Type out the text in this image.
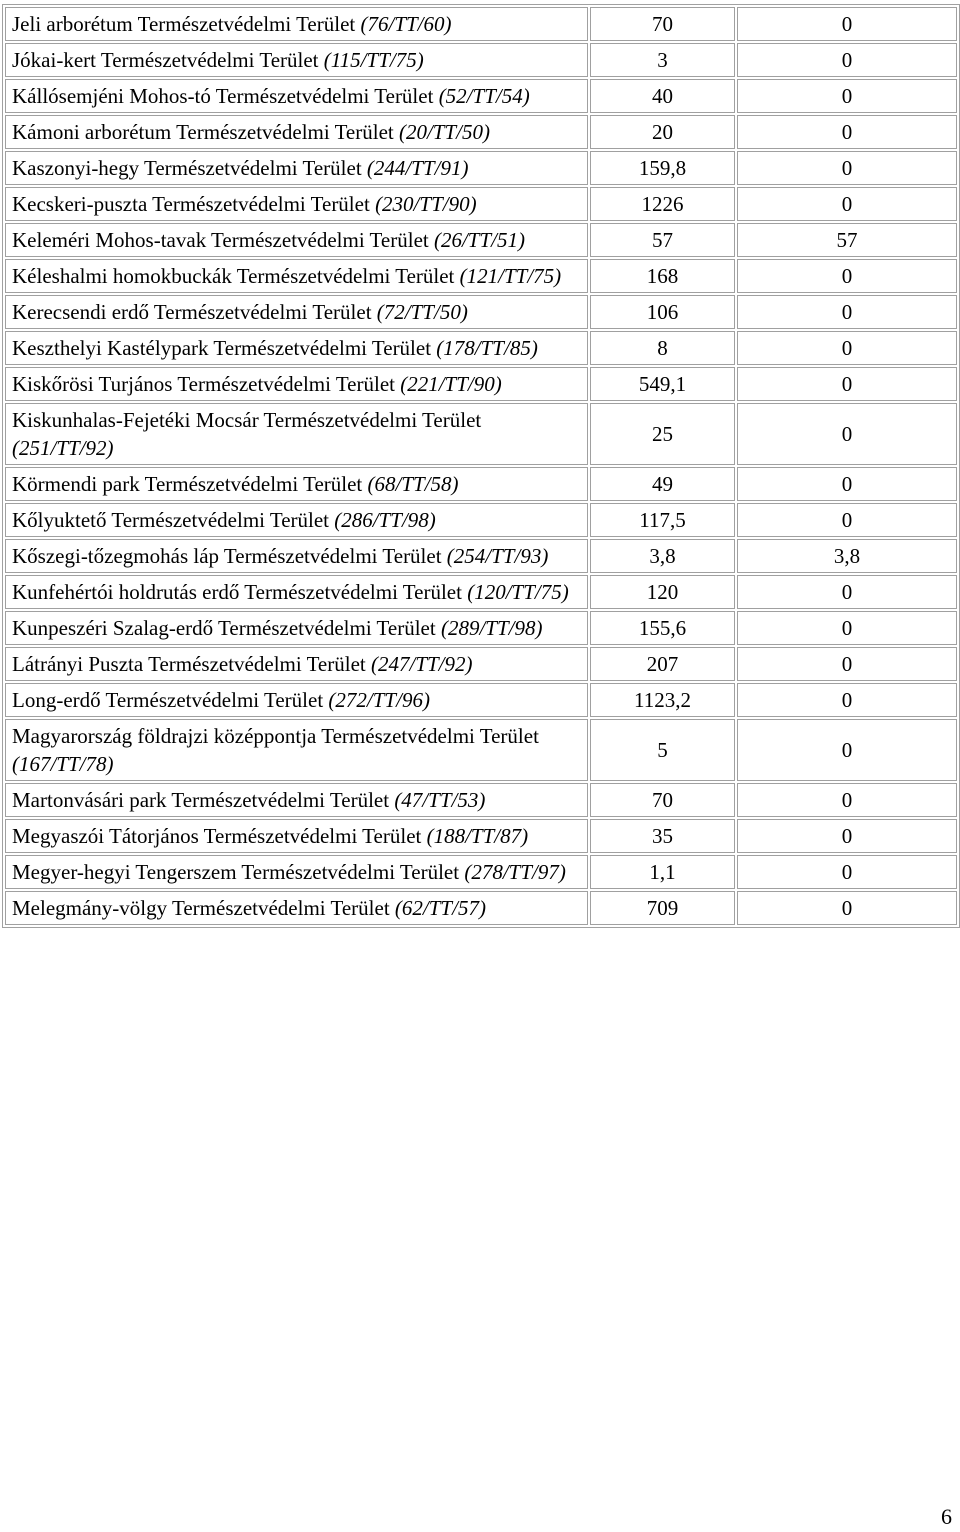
Jeli arborétum Természetvédelmi Terület (76/TT/60)	70	0
Jókai-kert Természetvédelmi Terület (115/TT/75)	3	0
Kállósemjéni Mohos-tó Természetvédelmi Terület (52/TT/54)	40	0
Kámoni arborétum Természetvédelmi Terület (20/TT/50)	20	0
Kaszonyi-hegy Természetvédelmi Terület (244/TT/91)	159,8	0
Kecskeri-puszta Természetvédelmi Terület (230/TT/90)	1226	0
Keleméri Mohos-tavak Természetvédelmi Terület (26/TT/51)	57	57
Kéleshalmi homokbuckák Természetvédelmi Terület (121/TT/75)	168	0
Kerecsendi erdő Természetvédelmi Terület (72/TT/50)	106	0
Keszthelyi Kastélypark Természetvédelmi Terület (178/TT/85)	8	0
Kiskőrösi Turjános Természetvédelmi Terület (221/TT/90)	549,1	0
Kiskunhalas-Fejetéki Mocsár Természetvédelmi Terület (251/TT/92)	25	0
Körmendi park Természetvédelmi Terület (68/TT/58)	49	0
Kőlyuktető Természetvédelmi Terület (286/TT/98)	117,5	0
Kőszegi-tőzegmohás láp Természetvédelmi Terület (254/TT/93)	3,8	3,8
Kunfehértói holdrutás erdő Természetvédelmi Terület (120/TT/75)	120	0
Kunpeszéri Szalag-erdő Természetvédelmi Terület (289/TT/98)	155,6	0
Látrányi Puszta Természetvédelmi Terület (247/TT/92)	207	0
Long-erdő Természetvédelmi Terület (272/TT/96)	1123,2	0
Magyarország földrajzi középpontja Természetvédelmi Terület (167/TT/78)	5	0
Martonvásári park Természetvédelmi Terület (47/TT/53)	70	0
Megyaszói Tátorjános Természetvédelmi Terület (188/TT/87)	35	0
Megyer-hegyi Tengerszem Természetvédelmi Terület (278/TT/97)	1,1	0
Melegmány-völgy Természetvédelmi Terület (62/TT/57)	709	0
6
